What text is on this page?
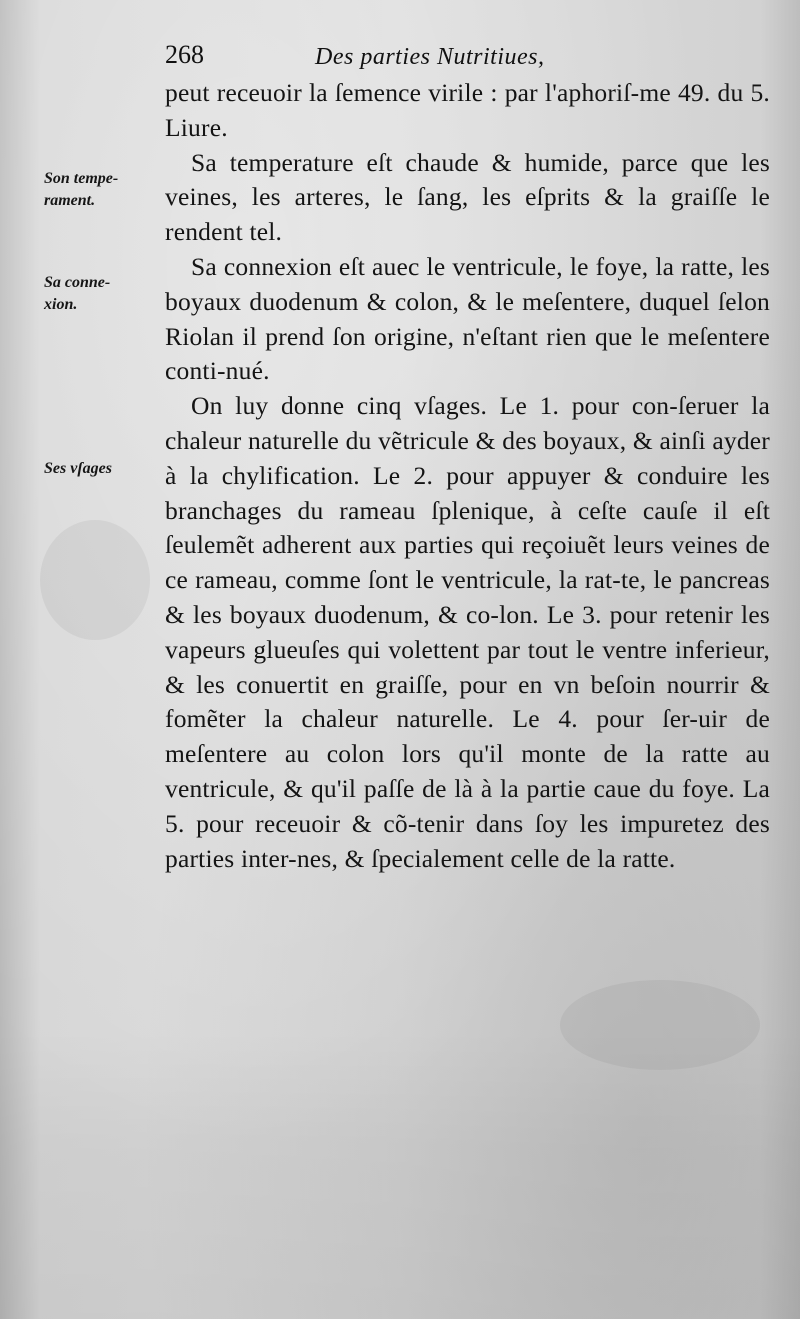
268	Des parties Nutritiues,
Son tempe-
rament.
Sa conne-
xion.
Ses vſages

peut receuoir la ſemence virile : par l'aphoriſ-me 49. du 5. Liure.

Sa temperature eſt chaude & humide, parce que les veines, les arteres, le ſang, les eſprits & la graiſſe le rendent tel.

Sa connexion eſt auec le ventricule, le foye, la ratte, les boyaux duodenum & colon, & le meſentere, duquel ſelon Riolan il prend ſon origine, n'eſtant rien que le meſentere conti-nué.

On luy donne cinq vſages. Le 1. pour con-ſeruer la chaleur naturelle du vẽtricule & des boyaux, & ainſi ayder à la chylification. Le 2. pour appuyer & conduire les branchages du rameau ſplenique, à ceſte cauſe il eſt ſeulemẽt adherent aux parties qui reçoiuẽt leurs veines de ce rameau, comme ſont le ventricule, la rat-te, le pancreas & les boyaux duodenum, & co-lon. Le 3. pour retenir les vapeurs glueuſes qui volettent par tout le ventre inferieur, & les conuertit en graiſſe, pour en vn beſoin nourrir & fomẽter la chaleur naturelle. Le 4. pour ſer-uir de meſentere au colon lors qu'il monte de la ratte au ventricule, & qu'il paſſe de là à la partie caue du foye. La 5. pour receuoir & cõ-tenir dans ſoy les impuretez des parties inter-nes, & ſpecialement celle de la ratte.
